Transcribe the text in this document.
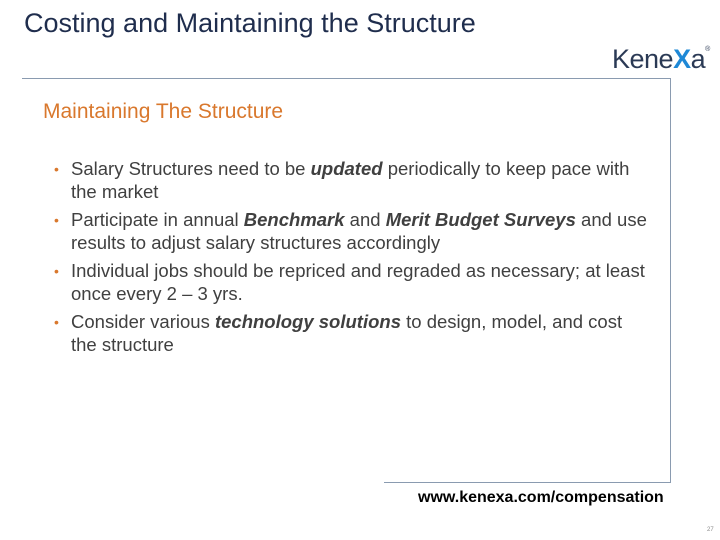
Costing and Maintaining the Structure
KeneXa®
Maintaining The Structure
• Salary Structures need to be updated periodically to keep pace with the market
• Participate in annual Benchmark and Merit Budget Surveys and use results to adjust salary structures accordingly
• Individual jobs should be repriced and regraded as necessary; at least once every 2 – 3 yrs.
• Consider various technology solutions to design, model, and cost the structure
www.kenexa.com/compensation
27
